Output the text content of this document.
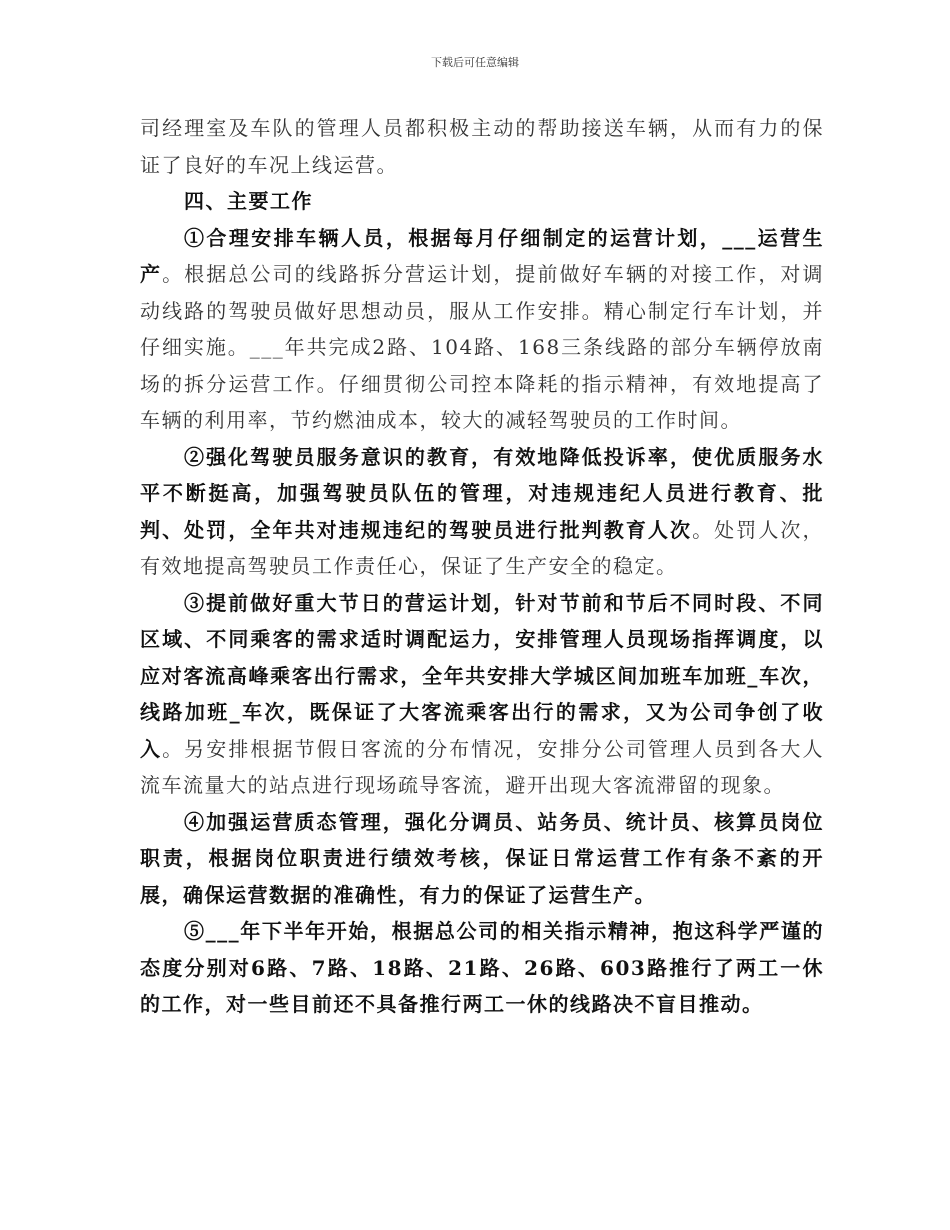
下载后可任意编辑

司经理室及车队的管理人员都积极主动的帮助接送车辆，从而有力的保证了良好的车况上线运营。

四、主要工作

①合理安排车辆人员，根据每月仔细制定的运营计划，___运营生产。根据总公司的线路拆分营运计划，提前做好车辆的对接工作，对调动线路的驾驶员做好思想动员，服从工作安排。精心制定行车计划，并仔细实施。___年共完成2路、104路、168三条线路的部分车辆停放南场的拆分运营工作。仔细贯彻公司控本降耗的指示精神，有效地提高了车辆的利用率，节约燃油成本，较大的减轻驾驶员的工作时间。

②强化驾驶员服务意识的教育，有效地降低投诉率，使优质服务水平不断挺高，加强驾驶员队伍的管理，对违规违纪人员进行教育、批判、处罚，全年共对违规违纪的驾驶员进行批判教育人次。处罚人次，有效地提高驾驶员工作责任心，保证了生产安全的稳定。

③提前做好重大节日的营运计划，针对节前和节后不同时段、不同区域、不同乘客的需求适时调配运力，安排管理人员现场指挥调度，以应对客流高峰乘客出行需求，全年共安排大学城区间加班车加班_车次，线路加班_车次，既保证了大客流乘客出行的需求，又为公司争创了收入。另安排根据节假日客流的分布情况，安排分公司管理人员到各大人流车流量大的站点进行现场疏导客流，避开出现大客流滞留的现象。

④加强运营质态管理，强化分调员、站务员、统计员、核算员岗位职责，根据岗位职责进行绩效考核，保证日常运营工作有条不紊的开展，确保运营数据的准确性，有力的保证了运营生产。

⑤___年下半年开始，根据总公司的相关指示精神，抱这科学严谨的态度分别对6路、7路、18路、21路、26路、603路推行了两工一休的工作，对一些目前还不具备推行两工一休的线路决不盲目推动。
